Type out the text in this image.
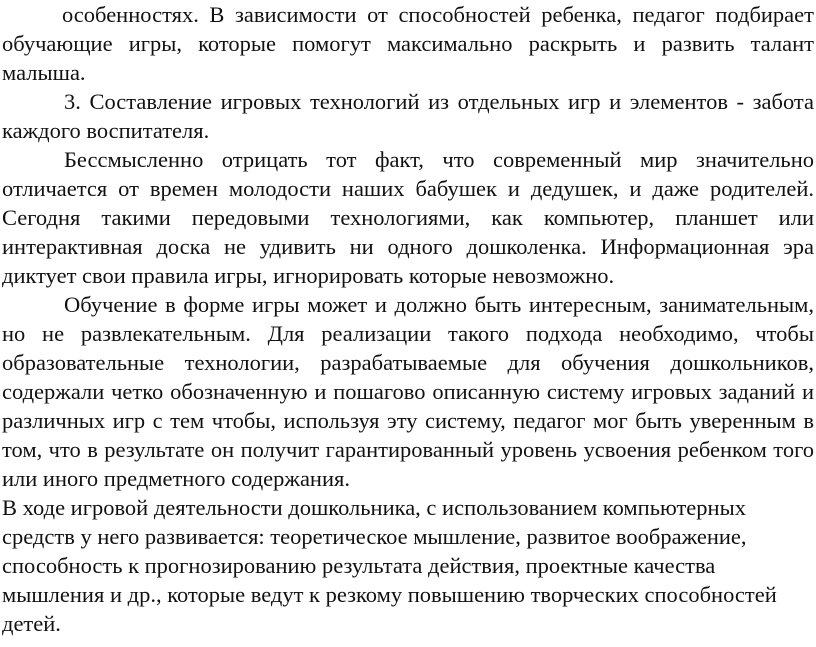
особенностях. В зависимости от способностей ребенка, педагог подбирает обучающие игры, которые помогут максимально раскрыть и развить талант малыша.

3. Составление игровых технологий из отдельных игр и элементов - забота каждого воспитателя.

Бессмысленно отрицать тот факт, что современный мир значительно отличается от времен молодости наших бабушек и дедушек, и даже родителей. Сегодня такими передовыми технологиями, как компьютер, планшет или интерактивная доска не удивить ни одного дошколенка. Информационная эра диктует свои правила игры, игнорировать которые невозможно.

Обучение в форме игры может и должно быть интересным, занимательным, но не развлекательным. Для реализации такого подхода необходимо, чтобы образовательные технологии, разрабатываемые для обучения дошкольников, содержали четко обозначенную и пошагово описанную систему игровых заданий и различных игр с тем чтобы, используя эту систему, педагог мог быть уверенным в том, что в результате он получит гарантированный уровень усвоения ребенком того или иного предметного содержания.

В ходе игровой деятельности дошкольника, с использованием компьютерных средств у него развивается: теоретическое мышление, развитое воображение, способность к прогнозированию результата действия, проектные качества мышления и др., которые ведут к резкому повышению творческих способностей детей.
